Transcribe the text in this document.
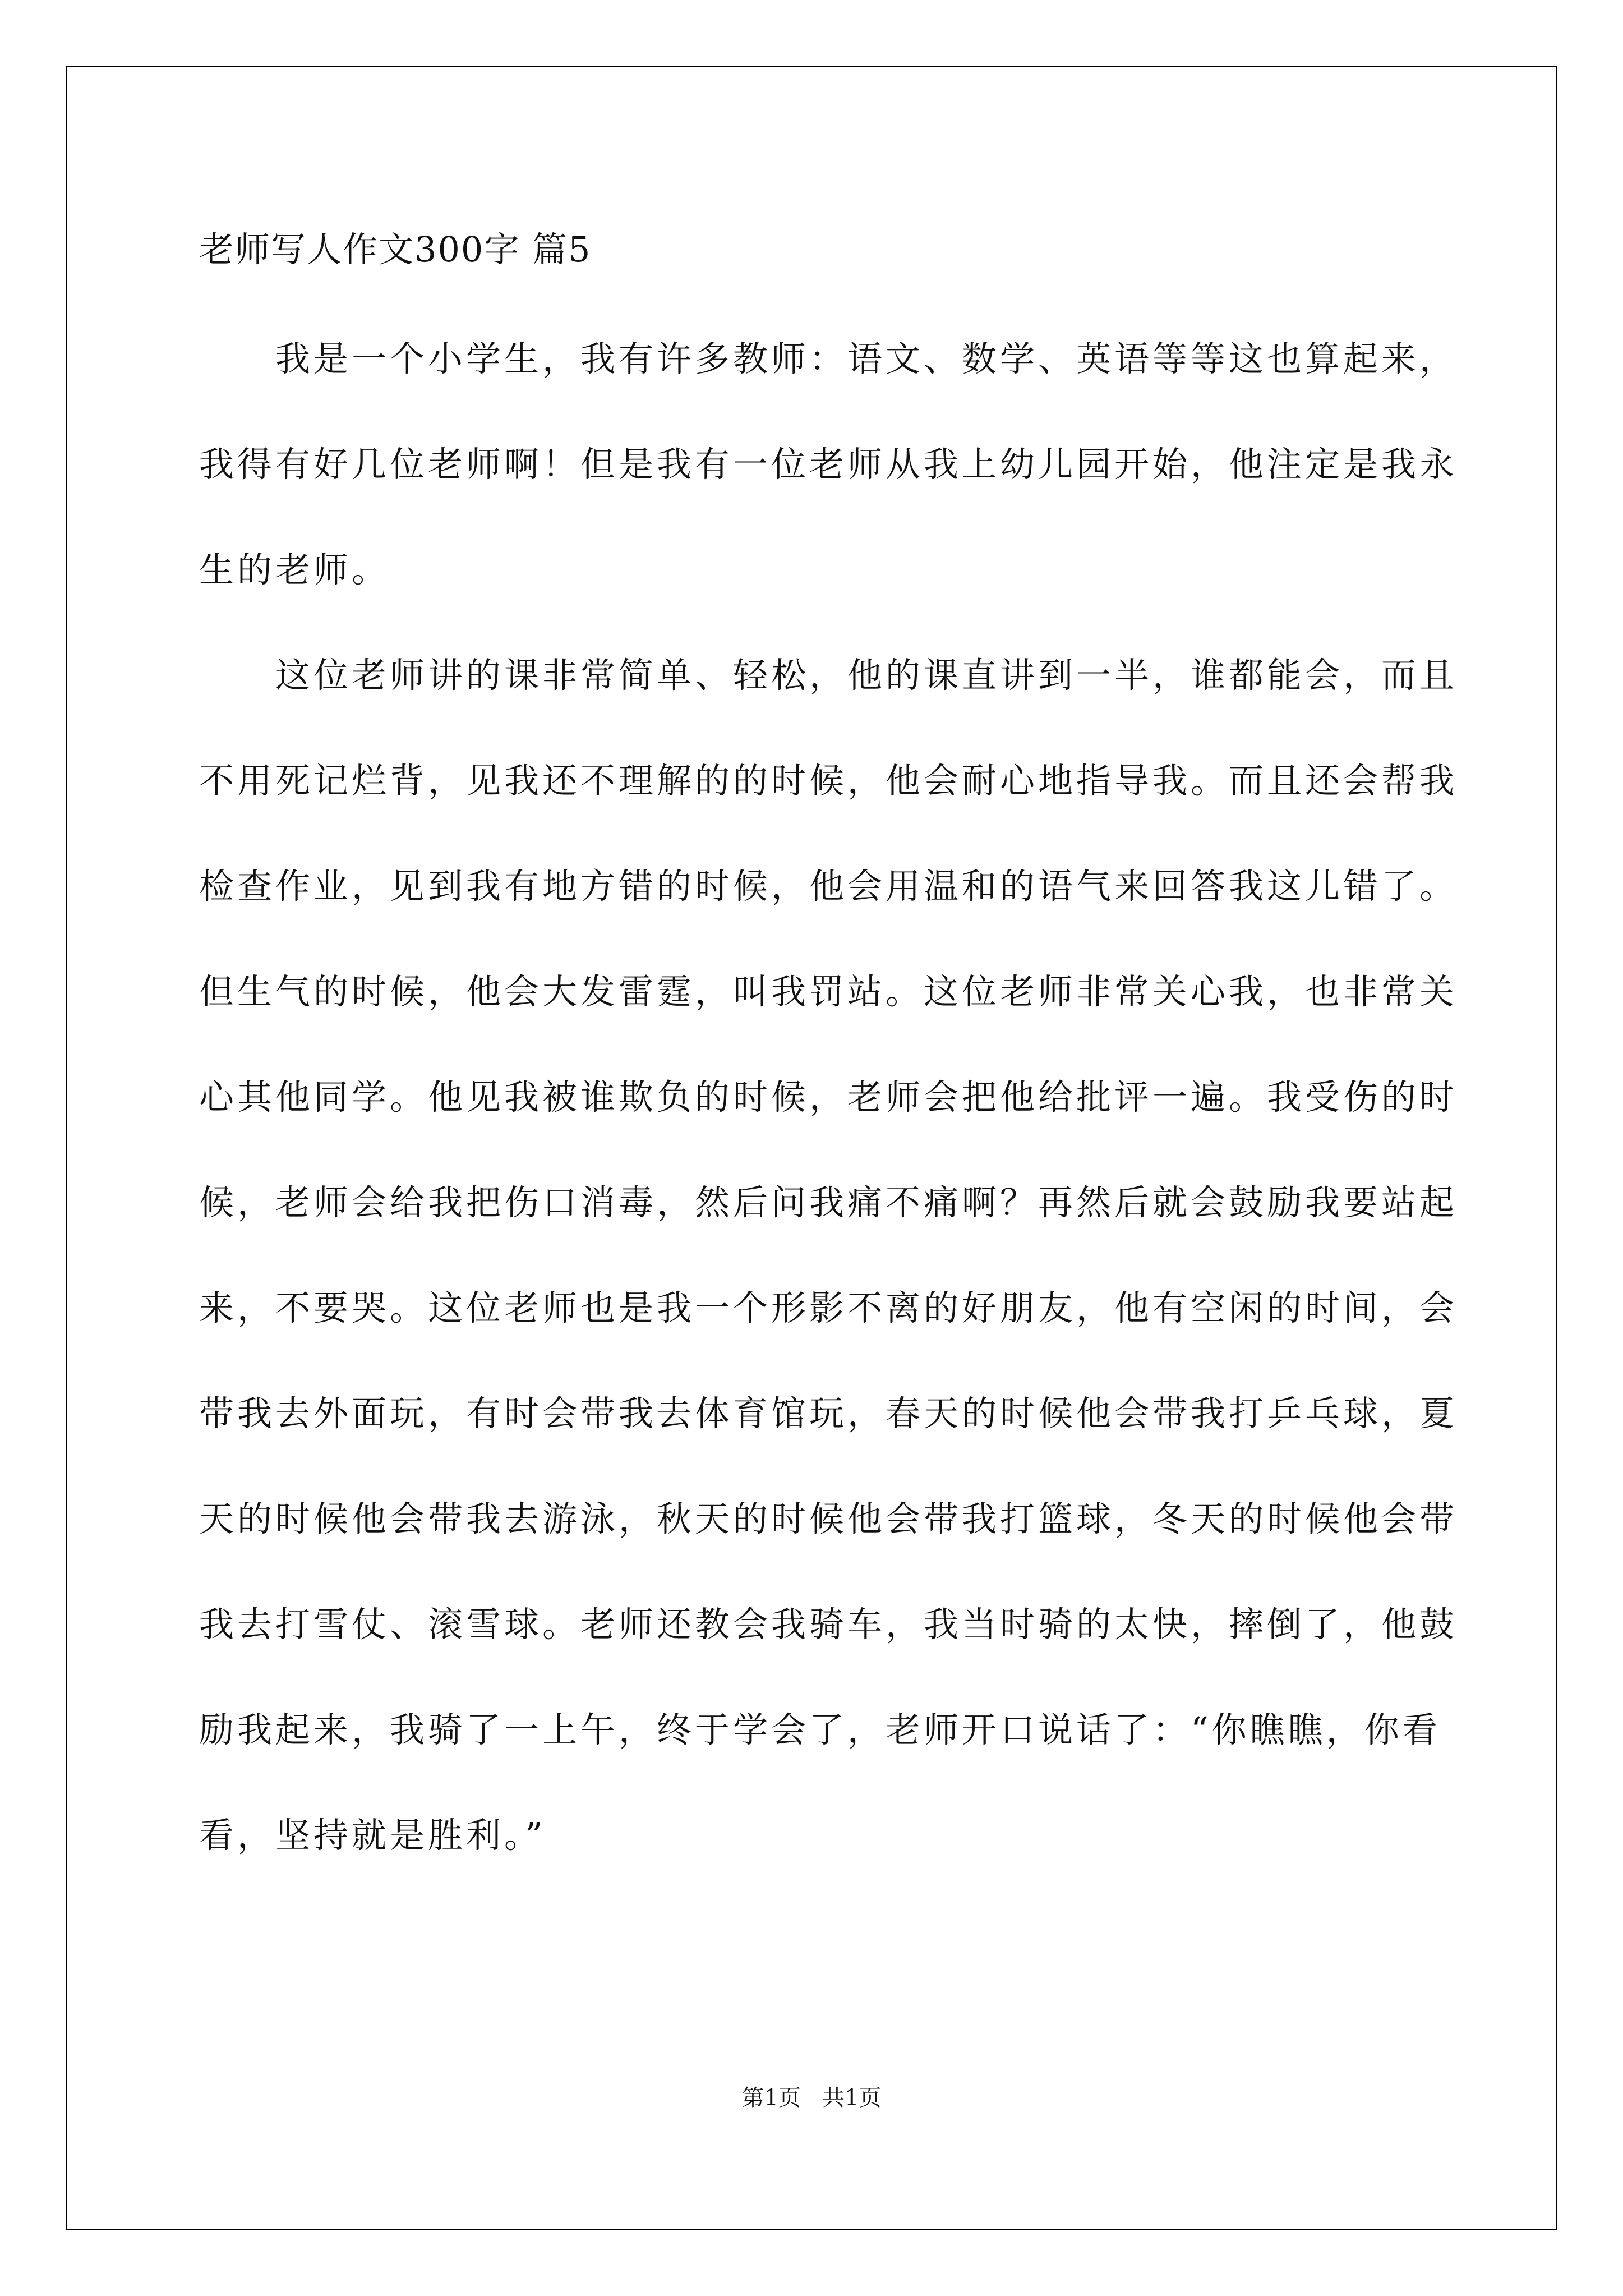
老师写人作文300字 篇5

我是一个小学生，我有许多教师：语文、数学、英语等等这也算起来，我得有好几位老师啊！但是我有一位老师从我上幼儿园开始，他注定是我永生的老师。

这位老师讲的课非常简单、轻松，他的课直讲到一半，谁都能会，而且不用死记烂背，见我还不理解的的时候，他会耐心地指导我。而且还会帮我检查作业，见到我有地方错的时候，他会用温和的语气来回答我这儿错了。但生气的时候，他会大发雷霆，叫我罚站。这位老师非常关心我，也非常关心其他同学。他见我被谁欺负的时候，老师会把他给批评一遍。我受伤的时候，老师会给我把伤口消毒，然后问我痛不痛啊？再然后就会鼓励我要站起来，不要哭。这位老师也是我一个形影不离的好朋友，他有空闲的时间，会带我去外面玩，有时会带我去体育馆玩，春天的时候他会带我打乒乓球，夏天的时候他会带我去游泳，秋天的时候他会带我打篮球，冬天的时候他会带我去打雪仗、滚雪球。老师还教会我骑车，我当时骑的太快，摔倒了，他鼓励我起来，我骑了一上午，终于学会了，老师开口说话了：“你瞧瞧，你看看，坚持就是胜利。”

第1页   共1页
